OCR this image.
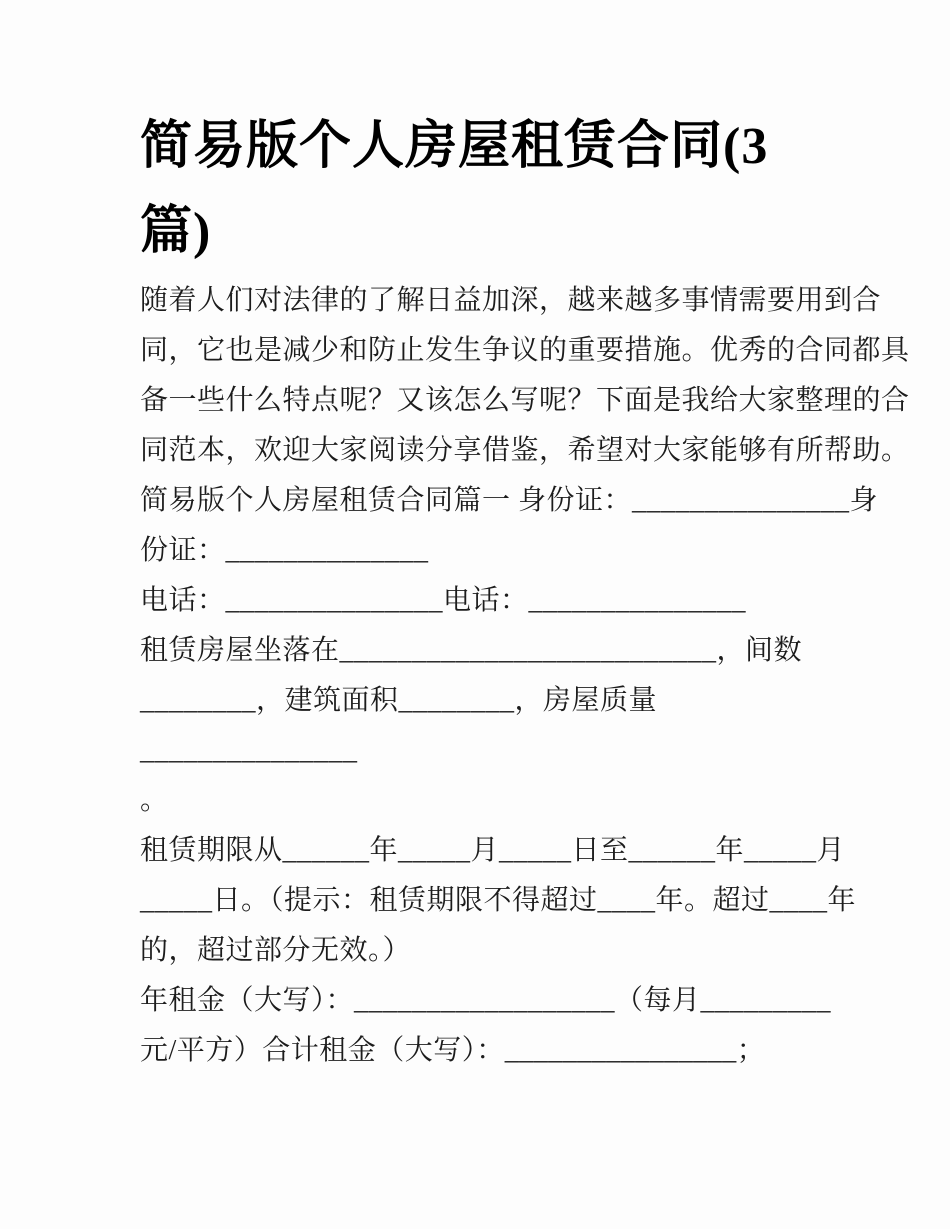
简易版个人房屋租赁合同(3
篇)
随着人们对法律的了解日益加深，越来越多事情需要用到合
同，它也是减少和防止发生争议的重要措施。优秀的合同都具
备一些什么特点呢？又该怎么写呢？下面是我给大家整理的合
同范本，欢迎大家阅读分享借鉴，希望对大家能够有所帮助。
简易版个人房屋租赁合同篇一 身份证：_______________身
份证：______________
电话：_______________电话：_______________
租赁房屋坐落在__________________________，间数
________，建筑面积________，房屋质量
_______________
。
租赁期限从______年_____月_____日至______年_____月
_____日。（提示：租赁期限不得超过____年。超过____年
的，超过部分无效。）
年租金（大写）：__________________（每月_________
元/平方）合计租金（大写）：________________；
